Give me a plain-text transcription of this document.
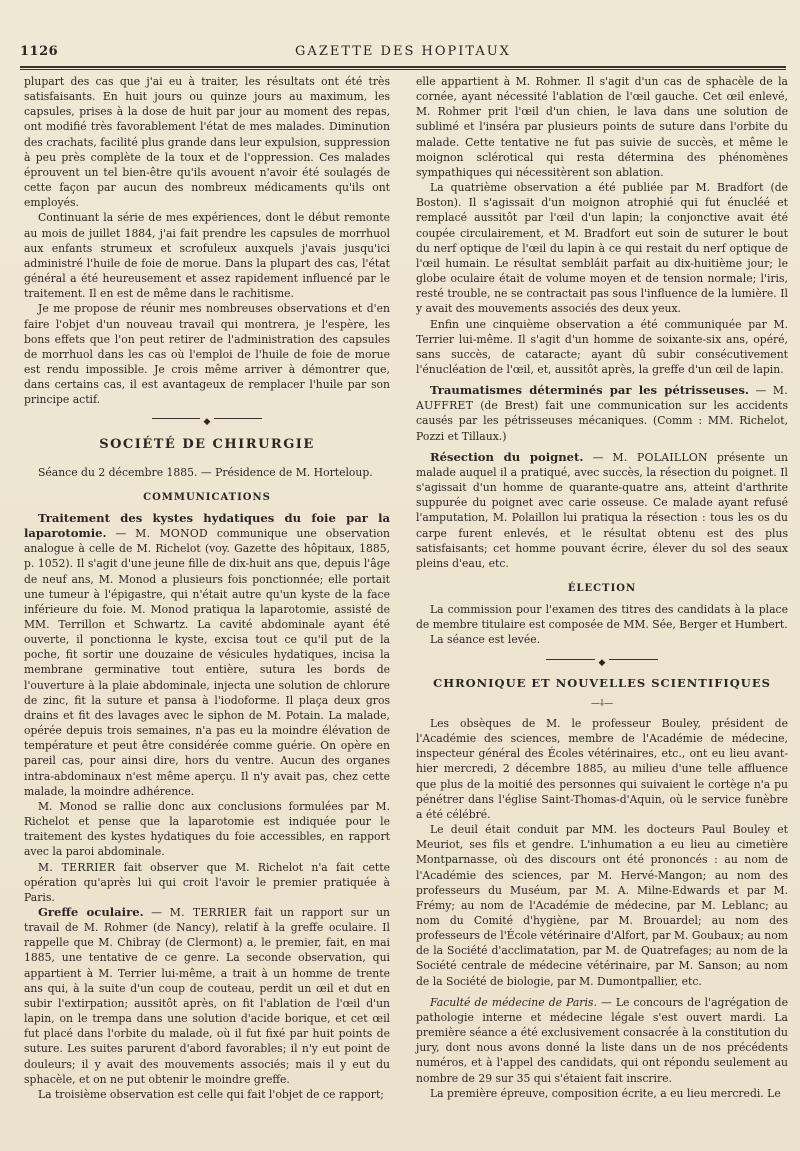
1126	GAZETTE DES HOPITAUX

plupart des cas que j'ai eu à traiter, les résultats ont été très satisfaisants. En huit jours ou quinze jours au maximum, les capsules, prises à la dose de huit par jour au moment des repas, ont modifié très favorablement l'état de mes malades. Diminution des crachats, facilité plus grande dans leur expulsion, suppression à peu près complète de la toux et de l'oppression. Ces malades éprouvent un tel bien-être qu'ils avouent n'avoir été soulagés de cette façon par aucun des nombreux médicaments qu'ils ont employés.

Continuant la série de mes expériences, dont le début remonte au mois de juillet 1884, j'ai fait prendre les capsules de morrhuol aux enfants strumeux et scrofuleux auxquels j'avais jusqu'ici administré l'huile de foie de morue. Dans la plupart des cas, l'état général a été heureusement et assez rapidement influencé par le traitement. Il en est de même dans le rachitisme.

Je me propose de réunir mes nombreuses observations et d'en faire l'objet d'un nouveau travail qui montrera, je l'espère, les bons effets que l'on peut retirer de l'administration des capsules de morrhuol dans les cas où l'emploi de l'huile de foie de morue est rendu impossible. Je crois même arriver à démontrer que, dans certains cas, il est avantageux de remplacer l'huile par son principe actif.

◆
SOCIÉTÉ DE CHIRURGIE

Séance du 2 décembre 1885. — Présidence de M. Horteloup.

COMMUNICATIONS

Traitement des kystes hydatiques du foie par la laparotomie. — M. MONOD communique une observation analogue à celle de M. Richelot (voy. Gazette des hôpitaux, 1885, p. 1052). Il s'agit d'une jeune fille de dix-huit ans que, depuis l'âge de neuf ans, M. Monod a plusieurs fois ponctionnée; elle portait une tumeur à l'épigastre, qui n'était autre qu'un kyste de la face inférieure du foie. M. Monod pratiqua la laparotomie, assisté de MM. Terrillon et Schwartz. La cavité abdominale ayant été ouverte, il ponctionna le kyste, excisa tout ce qu'il put de la poche, fit sortir une douzaine de vésicules hydatiques, incisa la membrane germinative tout entière, sutura les bords de l'ouverture à la plaie abdominale, injecta une solution de chlorure de zinc, fit la suture et pansa à l'iodoforme. Il plaça deux gros drains et fit des lavages avec le siphon de M. Potain. La malade, opérée depuis trois semaines, n'a pas eu la moindre élévation de température et peut être considérée comme guérie. On opère en pareil cas, pour ainsi dire, hors du ventre. Aucun des organes intra-abdominaux n'est même aperçu. Il n'y avait pas, chez cette malade, la moindre adhérence.

M. Monod se rallie donc aux conclusions formulées par M. Richelot et pense que la laparotomie est indiquée pour le traitement des kystes hydatiques du foie accessibles, en rapport avec la paroi abdominale.

M. TERRIER fait observer que M. Richelot n'a fait cette opération qu'après lui qui croit l'avoir le premier pratiquée à Paris.

Greffe oculaire. — M. TERRIER fait un rapport sur un travail de M. Rohmer (de Nancy), relatif à la greffe oculaire. Il rappelle que M. Chibray (de Clermont) a, le premier, fait, en mai 1885, une tentative de ce genre. La seconde observation, qui appartient à M. Terrier lui-même, a trait à un homme de trente ans qui, à la suite d'un coup de couteau, perdit un œil et dut en subir l'extirpation; aussitôt après, on fit l'ablation de l'œil d'un lapin, on le trempa dans une solution d'acide borique, et cet œil fut placé dans l'orbite du malade, où il fut fixé par huit points de suture. Les suites parurent d'abord favorables; il n'y eut point de douleurs; il y avait des mouvements associés; mais il y eut du sphacèle, et on ne put obtenir le moindre greffe.

La troisième observation est celle qui fait l'objet de ce rapport;

elle appartient à M. Rohmer. Il s'agit d'un cas de sphacèle de la cornée, ayant nécessité l'ablation de l'œil gauche. Cet œil enlevé, M. Rohmer prit l'œil d'un chien, le lava dans une solution de sublimé et l'inséra par plusieurs points de suture dans l'orbite du malade. Cette tentative ne fut pas suivie de succès, et même le moignon sclérotical qui resta détermina des phénomènes sympathiques qui nécessitèrent son ablation.

La quatrième observation a été publiée par M. Bradfort (de Boston). Il s'agissait d'un moignon atrophié qui fut énucléé et remplacé aussitôt par l'œil d'un lapin; la conjonctive avait été coupée circulairement, et M. Bradfort eut soin de suturer le bout du nerf optique de l'œil du lapin à ce qui restait du nerf optique de l'œil humain. Le résultat sembláit parfait au dix-huitième jour; le globe oculaire était de volume moyen et de tension normale; l'iris, resté trouble, ne se contractait pas sous l'influence de la lumière. Il y avait des mouvements associés des deux yeux.

Enfin une cinquième observation a été communiquée par M. Terrier lui-même. Il s'agit d'un homme de soixante-six ans, opéré, sans succès, de cataracte; ayant dû subir consécutivement l'énucléation de l'œil, et, aussitôt après, la greffe d'un œil de lapin.

Traumatismes déterminés par les pétrisseuses. — M. AUFFRET (de Brest) fait une communication sur les accidents causés par les pétrisseuses mécaniques. (Comm : MM. Richelot, Pozzi et Tillaux.)

Résection du poignet. — M. POLAILLON présente un malade auquel il a pratiqué, avec succès, la résection du poignet. Il s'agissait d'un homme de quarante-quatre ans, atteint d'arthrite suppurée du poignet avec carie osseuse. Ce malade ayant refusé l'amputation, M. Polaillon lui pratiqua la résection : tous les os du carpe furent enlevés, et le résultat obtenu est des plus satisfaisants; cet homme pouvant écrire, élever du sol des seaux pleins d'eau, etc.

ÉLECTION

La commission pour l'examen des titres des candidats à la place de membre titulaire est composée de MM. Sée, Berger et Humbert.

La séance est levée.

◆
CHRONIQUE ET NOUVELLES SCIENTIFIQUES
—⸸—

Les obsèques de M. le professeur Bouley, président de l'Académie des sciences, membre de l'Académie de médecine, inspecteur général des Écoles vétérinaires, etc., ont eu lieu avant-hier mercredi, 2 décembre 1885, au milieu d'une telle affluence que plus de la moitié des personnes qui suivaient le cortège n'a pu pénétrer dans l'église Saint-Thomas-d'Aquin, où le service funèbre a été célébré.

Le deuil était conduit par MM. les docteurs Paul Bouley et Meuriot, ses fils et gendre. L'inhumation a eu lieu au cimetière Montparnasse, où des discours ont été prononcés : au nom de l'Académie des sciences, par M. Hervé-Mangon; au nom des professeurs du Muséum, par M. A. Milne-Edwards et par M. Frémy; au nom de l'Académie de médecine, par M. Leblanc; au nom du Comité d'hygiène, par M. Brouardel; au nom des professeurs de l'École vétérinaire d'Alfort, par M. Goubaux; au nom de la Société d'acclimatation, par M. de Quatrefages; au nom de la Société centrale de médecine vétérinaire, par M. Sanson; au nom de la Société de biologie, par M. Dumontpallier, etc.

Faculté de médecine de Paris. — Le concours de l'agrégation de pathologie interne et médecine légale s'est ouvert mardi. La première séance a été exclusivement consacrée à la constitution du jury, dont nous avons donné la liste dans un de nos précédents numéros, et à l'appel des candidats, qui ont répondu seulement au nombre de 29 sur 35 qui s'étaient fait inscrire.

La première épreuve, composition écrite, a eu lieu mercredi. Le
